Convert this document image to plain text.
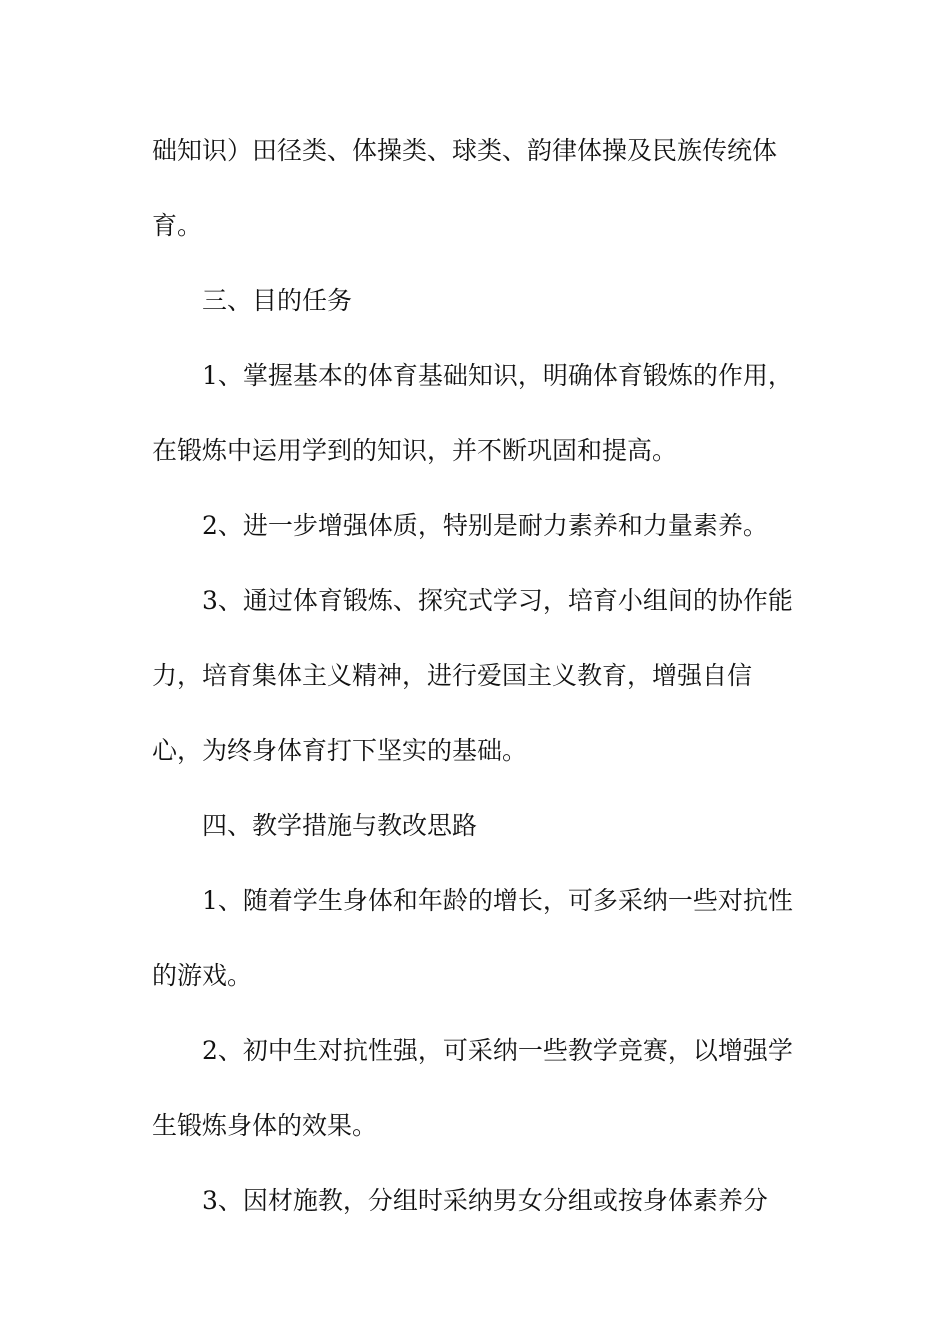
础知识）田径类、体操类、球类、韵律体操及民族传统体
育。
三、目的任务
1、掌握基本的体育基础知识，明确体育锻炼的作用，
在锻炼中运用学到的知识，并不断巩固和提高。
2、进一步增强体质，特别是耐力素养和力量素养。
3、通过体育锻炼、探究式学习，培育小组间的协作能
力，培育集体主义精神，进行爱国主义教育，增强自信
心，为终身体育打下坚实的基础。
四、教学措施与教改思路
1、随着学生身体和年龄的增长，可多采纳一些对抗性
的游戏。
2、初中生对抗性强，可采纳一些教学竞赛，以增强学
生锻炼身体的效果。
3、因材施教，分组时采纳男女分组或按身体素养分
